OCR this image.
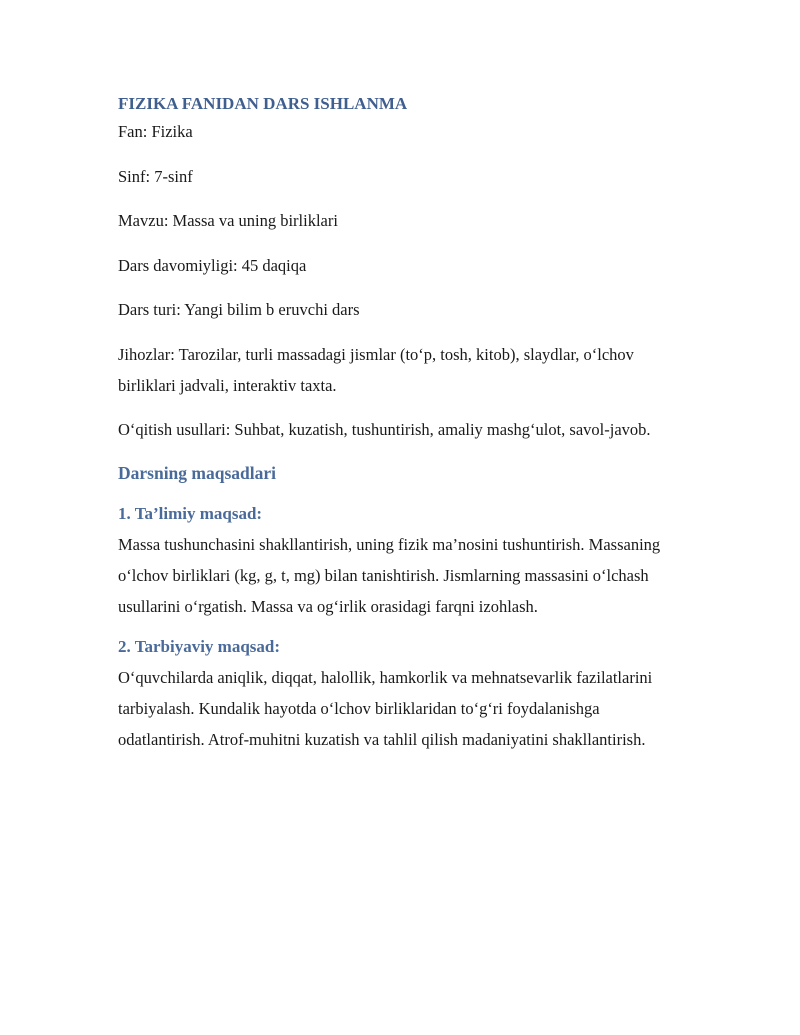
FIZIKA FANIDAN DARS ISHLANMA

Fan: Fizika

Sinf: 7-sinf

Mavzu: Massa va uning birliklari

Dars davomiyligi: 45 daqiqa

Dars turi: Yangi bilim b eruvchi dars

Jihozlar: Tarozilar, turli massadagi jismlar (to‘p, tosh, kitob), slaydlar, o‘lchov birliklari jadvali, interaktiv taxta.

O‘qitish usullari: Suhbat, kuzatish, tushuntirish, amaliy mashg‘ulot, savol-javob.

Darsning maqsadlari
1. Ta’limiy maqsad:

Massa tushunchasini shakllantirish, uning fizik ma’nosini tushuntirish. Massaning o‘lchov birliklari (kg, g, t, mg) bilan tanishtirish. Jismlarning massasini o‘lchash usullarini o‘rgatish. Massa va og‘irlik orasidagi farqni izohlash.

2. Tarbiyaviy maqsad:

O‘quvchilarda aniqlik, diqqat, halollik, hamkorlik va mehnatsevarlik fazilatlarini tarbiyalash. Kundalik hayotda o‘lchov birliklaridan to‘g‘ri foydalanishga odatlantirish. Atrof-muhitni kuzatish va tahlil qilish madaniyatini shakllantirish.
